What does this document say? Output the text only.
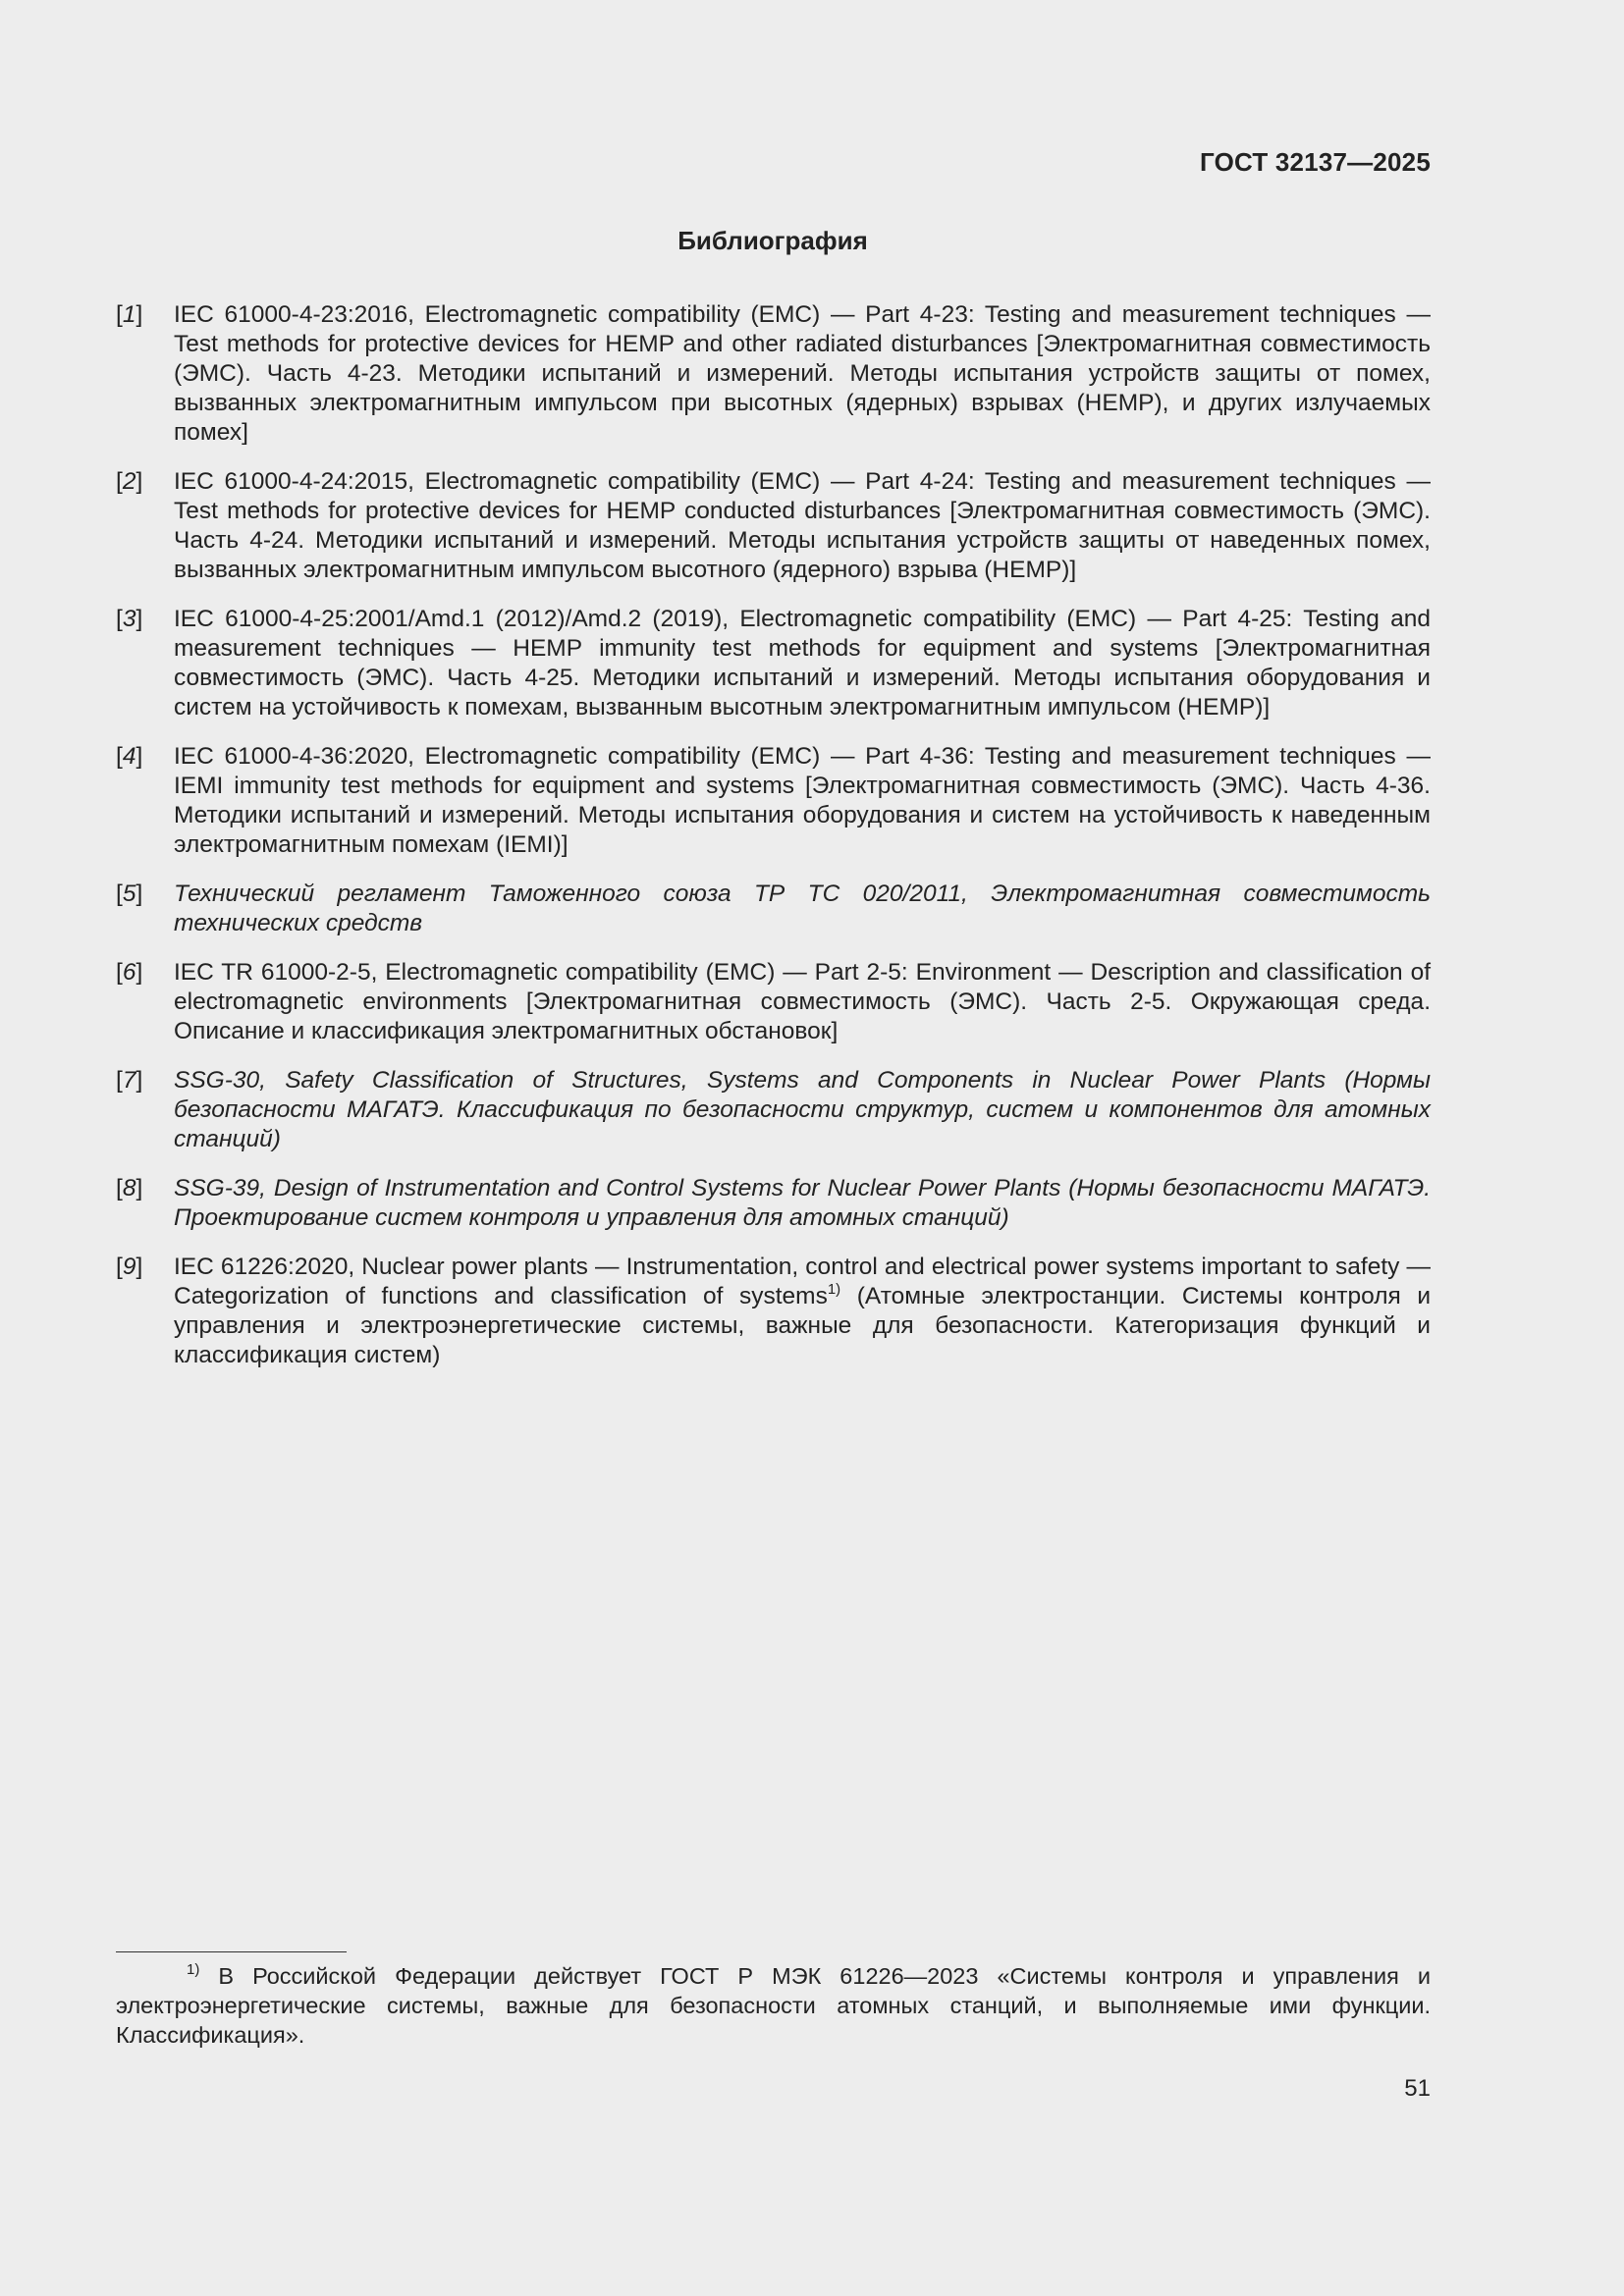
ГОСТ 32137—2025
Библиография
[1]	IEC 61000-4-23:2016, Electromagnetic compatibility (EMC) — Part 4-23: Testing and measurement techniques — Test methods for protective devices for HEMP and other radiated disturbances [Электромагнитная совместимость (ЭМС). Часть 4-23. Методики испытаний и измерений. Методы испытания устройств защиты от помех, вызванных электромагнитным импульсом при высотных (ядерных) взрывах (HEMP), и других излучаемых помех]
[2]	IEC 61000-4-24:2015, Electromagnetic compatibility (EMC) — Part 4-24: Testing and measurement techniques — Test methods for protective devices for HEMP conducted disturbances [Электромагнитная совместимость (ЭМС). Часть 4-24. Методики испытаний и измерений. Методы испытания устройств защиты от наведенных помех, вызванных электромагнитным импульсом высотного (ядерного) взрыва (HEMP)]
[3]	IEC 61000-4-25:2001/Amd.1 (2012)/Amd.2 (2019), Electromagnetic compatibility (EMC) — Part 4-25: Testing and measurement techniques — HEMP immunity test methods for equipment and systems [Электромагнитная совместимость (ЭМС). Часть 4-25. Методики испытаний и измерений. Методы испытания оборудования и систем на устойчивость к помехам, вызванным высотным электромагнитным импульсом (HEMP)]
[4]	IEC 61000-4-36:2020, Electromagnetic compatibility (EMC) — Part 4-36: Testing and measurement techniques — IEMI immunity test methods for equipment and systems [Электромагнитная совместимость (ЭМС). Часть 4-36. Методики испытаний и измерений. Методы испытания оборудования и систем на устойчивость к наведенным электромагнитным помехам (IEMI)]
[5]	Технический регламент Таможенного союза ТР ТС 020/2011, Электромагнитная совместимость технических средств
[6]	IEC TR 61000-2-5, Electromagnetic compatibility (EMC) — Part 2-5: Environment — Description and classification of electromagnetic environments [Электромагнитная совместимость (ЭМС). Часть 2-5. Окружающая среда. Описание и классификация электромагнитных обстановок]
[7]	SSG-30, Safety Classification of Structures, Systems and Components in Nuclear Power Plants (Нормы безопасности МАГАТЭ. Классификация по безопасности структур, систем и компонентов для атомных станций)
[8]	SSG-39, Design of Instrumentation and Control Systems for Nuclear Power Plants (Нормы безопасности МАГАТЭ. Проектирование систем контроля и управления для атомных станций)
[9]	IEC 61226:2020, Nuclear power plants — Instrumentation, control and electrical power systems important to safety — Categorization of functions and classification of systems$^{1)}$ (Атомные электростанции. Системы контроля и управления и электроэнергетические системы, важные для безопасности. Категоризация функций и классификация систем)
$^{1)}$ В Российской Федерации действует ГОСТ Р МЭК 61226—2023 «Системы контроля и управления и электроэнергетические системы, важные для безопасности атомных станций, и выполняемые ими функции. Классификация».
51
